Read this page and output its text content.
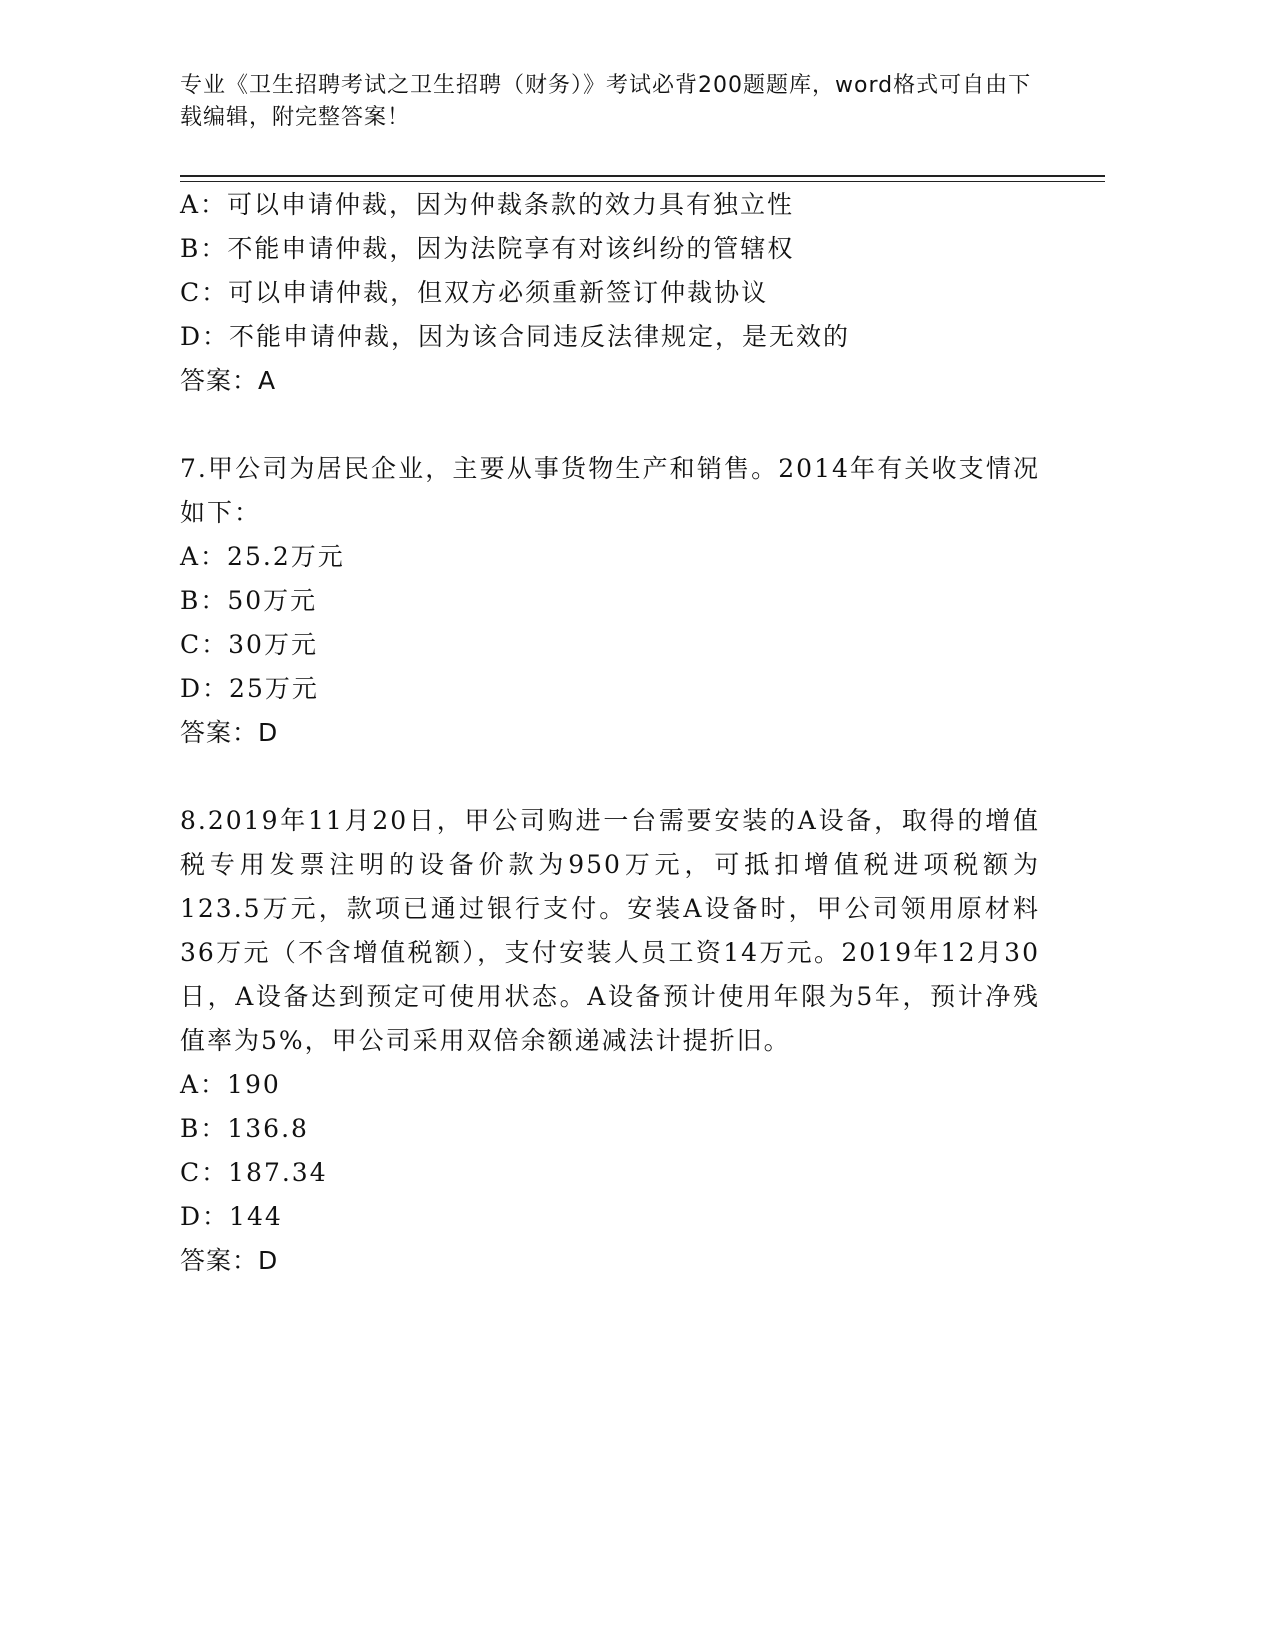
专业《卫生招聘考试之卫生招聘（财务）》考试必背200题题库，word格式可自由下载编辑，附完整答案！
A：可以申请仲裁，因为仲裁条款的效力具有独立性
B：不能申请仲裁，因为法院享有对该纠纷的管辖权
C：可以申请仲裁，但双方必须重新签订仲裁协议
D：不能申请仲裁，因为该合同违反法律规定，是无效的
答案：A
7.甲公司为居民企业，主要从事货物生产和销售。2014年有关收支情况如下：
A：25.2万元
B：50万元
C：30万元
D：25万元
答案：D
8.2019年11月20日，甲公司购进一台需要安装的A设备，取得的增值税专用发票注明的设备价款为950万元，可抵扣增值税进项税额为123.5万元，款项已通过银行支付。安装A设备时，甲公司领用原材料36万元（不含增值税额），支付安装人员工资14万元。2019年12月30日，A设备达到预定可使用状态。A设备预计使用年限为5年，预计净残值率为5%，甲公司采用双倍余额递减法计提折旧。
A：190
B：136.8
C：187.34
D：144
答案：D
